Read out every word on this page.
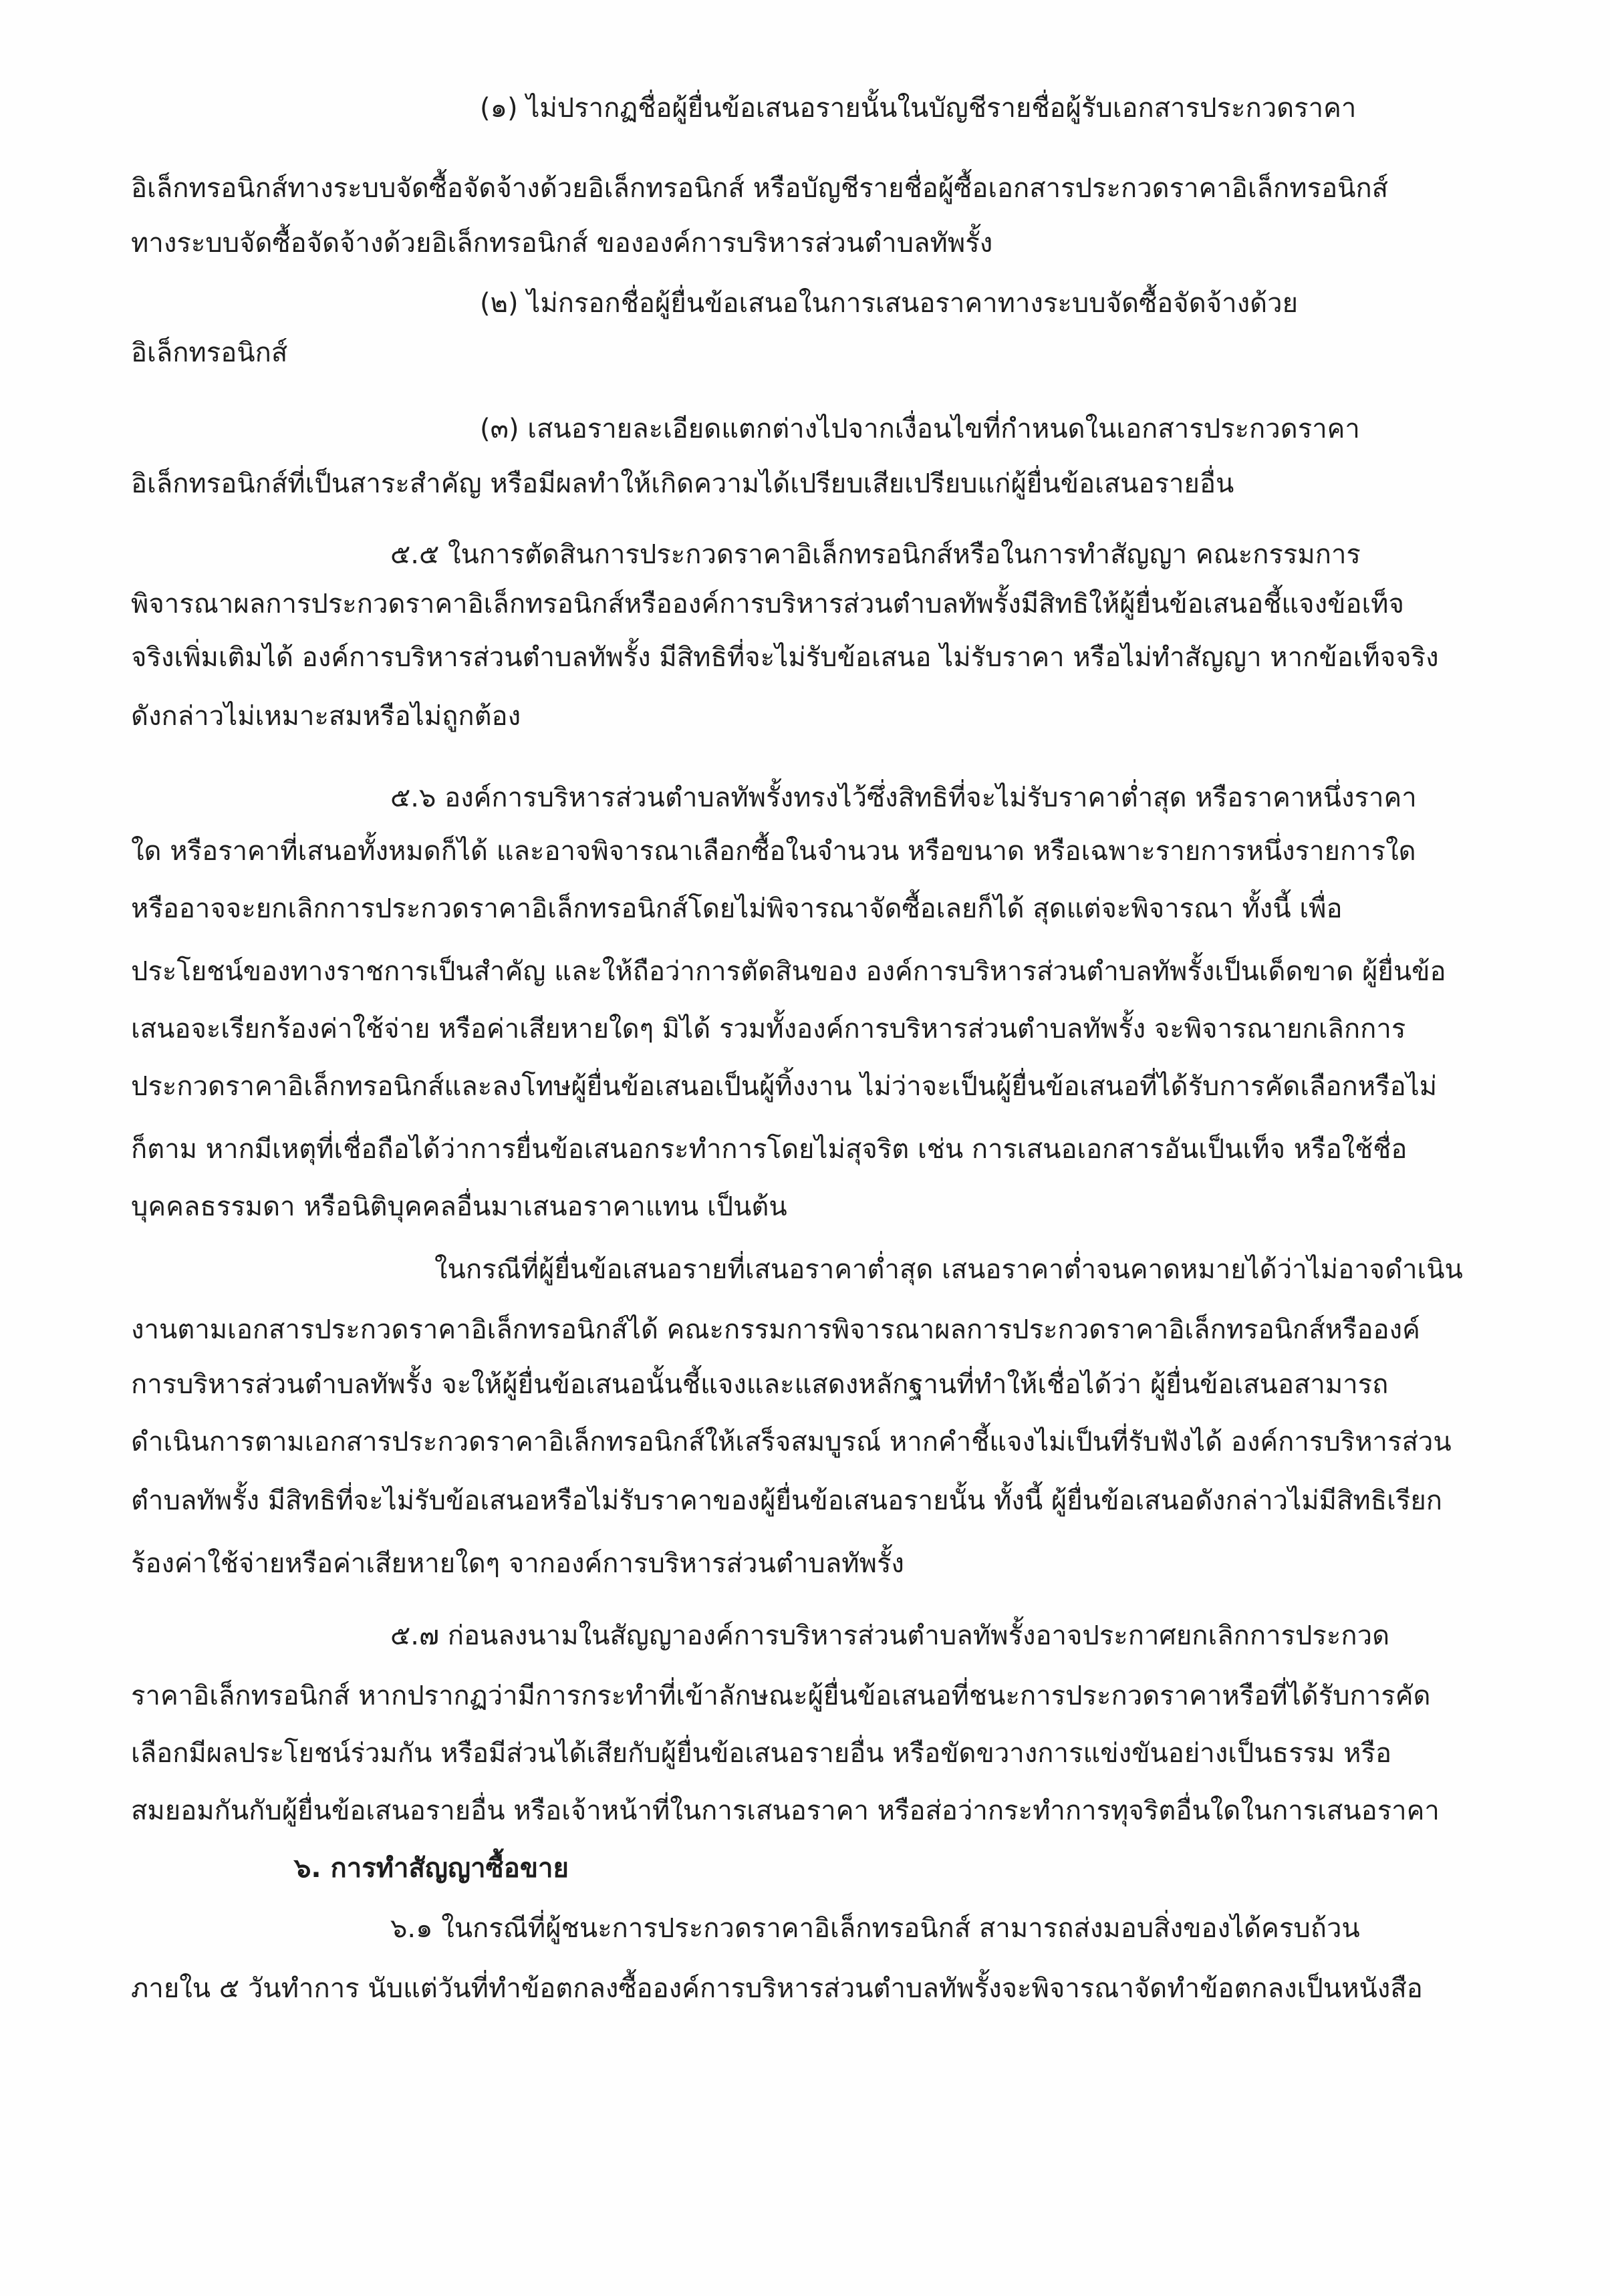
(๑) ไม่ปรากฏชื่อผู้ยื่นข้อเสนอรายนั้นในบัญชีรายชื่อผู้รับเอกสารประกวดราคา

อิเล็กทรอนิกส์ทางระบบจัดซื้อจัดจ้างด้วยอิเล็กทรอนิกส์ หรือบัญชีรายชื่อผู้ซื้อเอกสารประกวดราคาอิเล็กทรอนิกส์

ทางระบบจัดซื้อจัดจ้างด้วยอิเล็กทรอนิกส์ ขององค์การบริหารส่วนตำบลทัพรั้ง

(๒) ไม่กรอกชื่อผู้ยื่นข้อเสนอในการเสนอราคาทางระบบจัดซื้อจัดจ้างด้วย

อิเล็กทรอนิกส์

(๓) เสนอรายละเอียดแตกต่างไปจากเงื่อนไขที่กำหนดในเอกสารประกวดราคา

อิเล็กทรอนิกส์ที่เป็นสาระสำคัญ หรือมีผลทำให้เกิดความได้เปรียบเสียเปรียบแก่ผู้ยื่นข้อเสนอรายอื่น

๕.๕ ในการตัดสินการประกวดราคาอิเล็กทรอนิกส์หรือในการทำสัญญา คณะกรรมการ

พิจารณาผลการประกวดราคาอิเล็กทรอนิกส์หรือองค์การบริหารส่วนตำบลทัพรั้งมีสิทธิให้ผู้ยื่นข้อเสนอชี้แจงข้อเท็จ

จริงเพิ่มเติมได้ องค์การบริหารส่วนตำบลทัพรั้ง มีสิทธิที่จะไม่รับข้อเสนอ ไม่รับราคา หรือไม่ทำสัญญา หากข้อเท็จจริง

ดังกล่าวไม่เหมาะสมหรือไม่ถูกต้อง

๕.๖ องค์การบริหารส่วนตำบลทัพรั้งทรงไว้ซึ่งสิทธิที่จะไม่รับราคาต่ำสุด หรือราคาหนึ่งราคา

ใด หรือราคาที่เสนอทั้งหมดก็ได้ และอาจพิจารณาเลือกซื้อในจำนวน หรือขนาด หรือเฉพาะรายการหนึ่งรายการใด

หรืออาจจะยกเลิกการประกวดราคาอิเล็กทรอนิกส์โดยไม่พิจารณาจัดซื้อเลยก็ได้ สุดแต่จะพิจารณา ทั้งนี้ เพื่อ

ประโยชน์ของทางราชการเป็นสำคัญ และให้ถือว่าการตัดสินของ องค์การบริหารส่วนตำบลทัพรั้งเป็นเด็ดขาด ผู้ยื่นข้อ

เสนอจะเรียกร้องค่าใช้จ่าย หรือค่าเสียหายใดๆ มิได้ รวมทั้งองค์การบริหารส่วนตำบลทัพรั้ง จะพิจารณายกเลิกการ

ประกวดราคาอิเล็กทรอนิกส์และลงโทษผู้ยื่นข้อเสนอเป็นผู้ทิ้งงาน ไม่ว่าจะเป็นผู้ยื่นข้อเสนอที่ได้รับการคัดเลือกหรือไม่

ก็ตาม หากมีเหตุที่เชื่อถือได้ว่าการยื่นข้อเสนอกระทำการโดยไม่สุจริต เช่น การเสนอเอกสารอันเป็นเท็จ หรือใช้ชื่อ

บุคคลธรรมดา หรือนิติบุคคลอื่นมาเสนอราคาแทน เป็นต้น

ในกรณีที่ผู้ยื่นข้อเสนอรายที่เสนอราคาต่ำสุด เสนอราคาต่ำจนคาดหมายได้ว่าไม่อาจดำเนิน

งานตามเอกสารประกวดราคาอิเล็กทรอนิกส์ได้ คณะกรรมการพิจารณาผลการประกวดราคาอิเล็กทรอนิกส์หรือองค์

การบริหารส่วนตำบลทัพรั้ง จะให้ผู้ยื่นข้อเสนอนั้นชี้แจงและแสดงหลักฐานที่ทำให้เชื่อได้ว่า ผู้ยื่นข้อเสนอสามารถ

ดำเนินการตามเอกสารประกวดราคาอิเล็กทรอนิกส์ให้เสร็จสมบูรณ์ หากคำชี้แจงไม่เป็นที่รับฟังได้ องค์การบริหารส่วน

ตำบลทัพรั้ง มีสิทธิที่จะไม่รับข้อเสนอหรือไม่รับราคาของผู้ยื่นข้อเสนอรายนั้น ทั้งนี้ ผู้ยื่นข้อเสนอดังกล่าวไม่มีสิทธิเรียก

ร้องค่าใช้จ่ายหรือค่าเสียหายใดๆ จากองค์การบริหารส่วนตำบลทัพรั้ง

๕.๗ ก่อนลงนามในสัญญาองค์การบริหารส่วนตำบลทัพรั้งอาจประกาศยกเลิกการประกวด

ราคาอิเล็กทรอนิกส์ หากปรากฏว่ามีการกระทำที่เข้าลักษณะผู้ยื่นข้อเสนอที่ชนะการประกวดราคาหรือที่ได้รับการคัด

เลือกมีผลประโยชน์ร่วมกัน หรือมีส่วนได้เสียกับผู้ยื่นข้อเสนอรายอื่น หรือขัดขวางการแข่งขันอย่างเป็นธรรม หรือ

สมยอมกันกับผู้ยื่นข้อเสนอรายอื่น หรือเจ้าหน้าที่ในการเสนอราคา หรือส่อว่ากระทำการทุจริตอื่นใดในการเสนอราคา

๖. การทำสัญญาซื้อขาย

๖.๑ ในกรณีที่ผู้ชนะการประกวดราคาอิเล็กทรอนิกส์ สามารถส่งมอบสิ่งของได้ครบถ้วน

ภายใน ๕ วันทำการ นับแต่วันที่ทำข้อตกลงซื้อองค์การบริหารส่วนตำบลทัพรั้งจะพิจารณาจัดทำข้อตกลงเป็นหนังสือ
